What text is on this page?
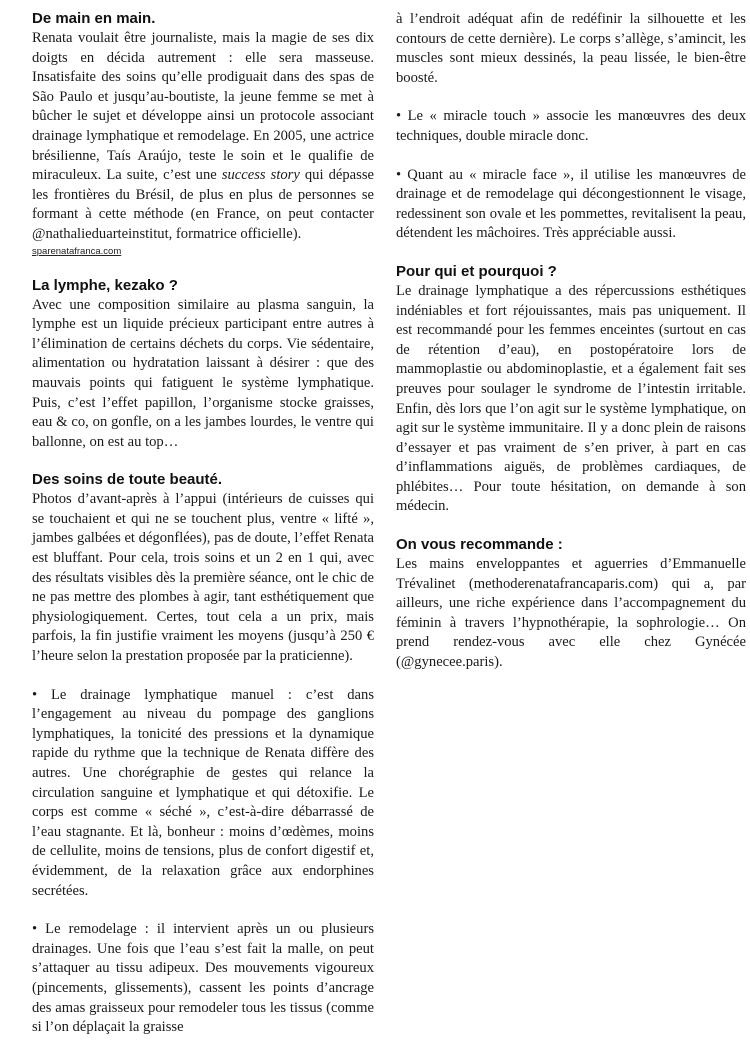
De main en main.

Renata voulait être journaliste, mais la magie de ses dix doigts en décida autrement : elle sera masseuse. Insatisfaite des soins qu’elle prodiguait dans des spas de São Paulo et jusqu’au-boutiste, la jeune femme se met à bûcher le sujet et développe ainsi un protocole associant drainage lymphatique et remodelage. En 2005, une actrice brésilienne, Taís Araújo, teste le soin et le qualifie de miraculeux. La suite, c’est une success story qui dépasse les frontières du Brésil, de plus en plus de personnes se formant à cette méthode (en France, on peut contacter @nathalieduarteinstitut, formatrice officielle).

sparenatafranca.com
La lymphe, kezako ?

Avec une composition similaire au plasma sanguin, la lymphe est un liquide précieux participant entre autres à l’élimination de certains déchets du corps. Vie sédentaire, alimentation ou hydratation laissant à désirer : que des mauvais points qui fatiguent le système lymphatique. Puis, c’est l’effet papillon, l’organisme stocke graisses, eau & co, on gonfle, on a les jambes lourdes, le ventre qui ballonne, on est au top…

Des soins de toute beauté.

Photos d’avant-après à l’appui (intérieurs de cuisses qui se touchaient et qui ne se touchent plus, ventre « lifté », jambes galbées et dégonflées), pas de doute, l’effet Renata est bluffant. Pour cela, trois soins et un 2 en 1 qui, avec des résultats visibles dès la première séance, ont le chic de ne pas mettre des plombes à agir, tant esthétiquement que physiologiquement. Certes, tout cela a un prix, mais parfois, la fin justifie vraiment les moyens (jusqu’à 250 € l’heure selon la prestation proposée par la praticienne).

• Le drainage lymphatique manuel : c’est dans l’engagement au niveau du pompage des ganglions lymphatiques, la tonicité des pressions et la dynamique rapide du rythme que la technique de Renata diffère des autres. Une chorégraphie de gestes qui relance la circulation sanguine et lymphatique et qui détoxifie. Le corps est comme « séché », c’est-à-dire débarrassé de l’eau stagnante. Et là, bonheur : moins d’œdèmes, moins de cellulite, moins de tensions, plus de confort digestif et, évidemment, de la relaxation grâce aux endorphines secrétées.

• Le remodelage : il intervient après un ou plusieurs drainages. Une fois que l’eau s’est fait la malle, on peut s’attaquer au tissu adipeux. Des mouvements vigoureux (pincements, glissements), cassent les points d’ancrage des amas graisseux pour remodeler tous les tissus (comme si l’on déplaçait la graisse

à l’endroit adéquat afin de redéfinir la silhouette et les contours de cette dernière). Le corps s’allège, s’amincit, les muscles sont mieux dessinés, la peau lissée, le bien-être boosté.

• Le « miracle touch » associe les manœuvres des deux techniques, double miracle donc.

• Quant au « miracle face », il utilise les manœuvres de drainage et de remodelage qui décongestionnent le visage, redessinent son ovale et les pommettes, revitalisent la peau, détendent les mâchoires. Très appréciable aussi.

Pour qui et pourquoi ?

Le drainage lymphatique a des répercussions esthétiques indéniables et fort réjouissantes, mais pas uniquement. Il est recommandé pour les femmes enceintes (surtout en cas de rétention d’eau), en postopératoire lors de mammoplastie ou abdominoplastie, et a également fait ses preuves pour soulager le syndrome de l’intestin irritable. Enfin, dès lors que l’on agit sur le système lymphatique, on agit sur le système immunitaire. Il y a donc plein de raisons d’essayer et pas vraiment de s’en priver, à part en cas d’inflammations aiguës, de problèmes cardiaques, de phlébites… Pour toute hésitation, on demande à son médecin.

On vous recommande :

Les mains enveloppantes et aguerries d’Emmanuelle Trévalinet (methoderenatafrancaparis.com) qui a, par ailleurs, une riche expérience dans l’accompagnement du féminin à travers l’hypnothérapie, la sophrologie… On prend rendez-vous avec elle chez Gynécée (@gynecee.paris).
